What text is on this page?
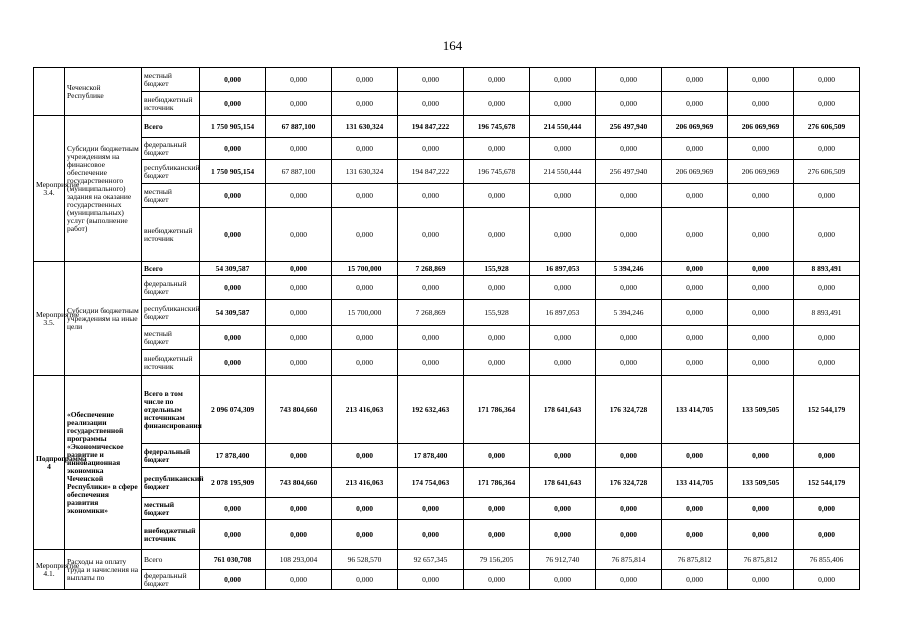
164
	Чеченской Республике	местный бюджет	0,000	0,000	0,000	0,000	0,000	0,000	0,000	0,000	0,000	0,000
		внебюджетный источник	0,000	0,000	0,000	0,000	0,000	0,000	0,000	0,000	0,000	0,000
Мероприятие 3.4.	Субсидии бюджетным учреждениям на финансовое обеспечение государственного (муниципального) задания на оказание государственных (муниципальных) услуг (выполнение работ)	Всего	1 750 905,154	67 887,100	131 630,324	194 847,222	196 745,678	214 550,444	256 497,940	206 069,969	206 069,969	276 606,509
		федеральный бюджет	0,000	0,000	0,000	0,000	0,000	0,000	0,000	0,000	0,000	0,000
		республиканский бюджет	1 750 905,154	67 887,100	131 630,324	194 847,222	196 745,678	214 550,444	256 497,940	206 069,969	206 069,969	276 606,509
		местный бюджет	0,000	0,000	0,000	0,000	0,000	0,000	0,000	0,000	0,000	0,000
		внебюджетный источник	0,000	0,000	0,000	0,000	0,000	0,000	0,000	0,000	0,000	0,000
Мероприятие 3.5.	Субсидии бюджетным учреждениям на иные цели	Всего	54 309,587	0,000	15 700,000	7 268,869	155,928	16 897,053	5 394,246	0,000	0,000	8 893,491
		федеральный бюджет	0,000	0,000	0,000	0,000	0,000	0,000	0,000	0,000	0,000	0,000
		республиканский бюджет	54 309,587	0,000	15 700,000	7 268,869	155,928	16 897,053	5 394,246	0,000	0,000	8 893,491
		местный бюджет	0,000	0,000	0,000	0,000	0,000	0,000	0,000	0,000	0,000	0,000
		внебюджетный источник	0,000	0,000	0,000	0,000	0,000	0,000	0,000	0,000	0,000	0,000
Подпрограмма 4	«Обеспечение реализации государственной программы «Экономическое развитие и инновационная экономика Чеченской Республики» в сфере обеспечения развития экономики»	Всего в том числе по отдельным источникам финансирования	2 096 074,309	743 804,660	213 416,063	192 632,463	171 786,364	178 641,643	176 324,728	133 414,705	133 509,505	152 544,179
		федеральный бюджет	17 878,400	0,000	0,000	17 878,400	0,000	0,000	0,000	0,000	0,000	0,000
		республиканский бюджет	2 078 195,909	743 804,660	213 416,063	174 754,063	171 786,364	178 641,643	176 324,728	133 414,705	133 509,505	152 544,179
		местный бюджет	0,000	0,000	0,000	0,000	0,000	0,000	0,000	0,000	0,000	0,000
		внебюджетный источник	0,000	0,000	0,000	0,000	0,000	0,000	0,000	0,000	0,000	0,000
Мероприятие 4.1.	Расходы на оплату труда и начисления на выплаты по	Всего	761 030,708	108 293,004	96 528,570	92 657,345	79 156,205	76 912,740	76 875,814	76 875,812	76 875,812	76 855,406
		федеральный бюджет	0,000	0,000	0,000	0,000	0,000	0,000	0,000	0,000	0,000	0,000
